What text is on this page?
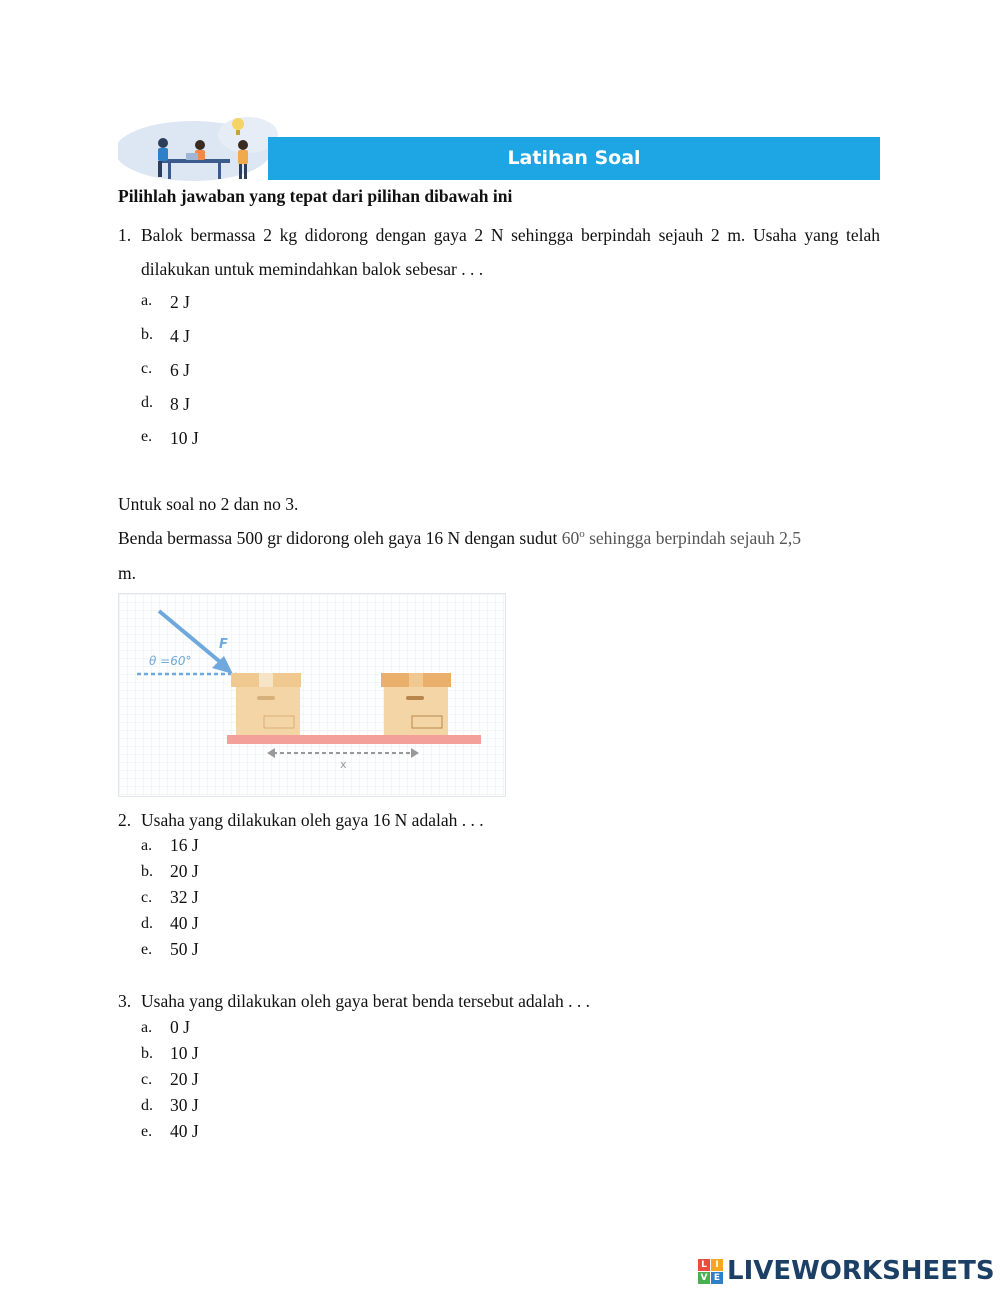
Latihan Soal
Pilihlah jawaban yang tepat dari pilihan dibawah ini
1. Balok bermassa 2 kg didorong dengan gaya 2 N sehingga berpindah sejauh 2 m. Usaha yang telah dilakukan untuk memindahkan balok sebesar . . .
a. 2 J
b. 4 J
c. 6 J
d. 8 J
e. 10 J
Untuk soal no 2 dan no 3.
Benda bermassa 500 gr didorong oleh gaya 16 N dengan sudut 60$^o$ sehingga berpindah sejauh 2,5
m.
θ =60°
F
x
2. Usaha yang dilakukan oleh gaya 16 N adalah . . .
a. 16 J
b. 20 J
c. 32 J
d. 40 J
e. 50 J
3. Usaha yang dilakukan oleh gaya berat benda tersebut adalah . . .
a. 0 J
b. 10 J
c. 20 J
d. 30 J
e. 40 J
L I
V E LIVEWORKSHEETS
